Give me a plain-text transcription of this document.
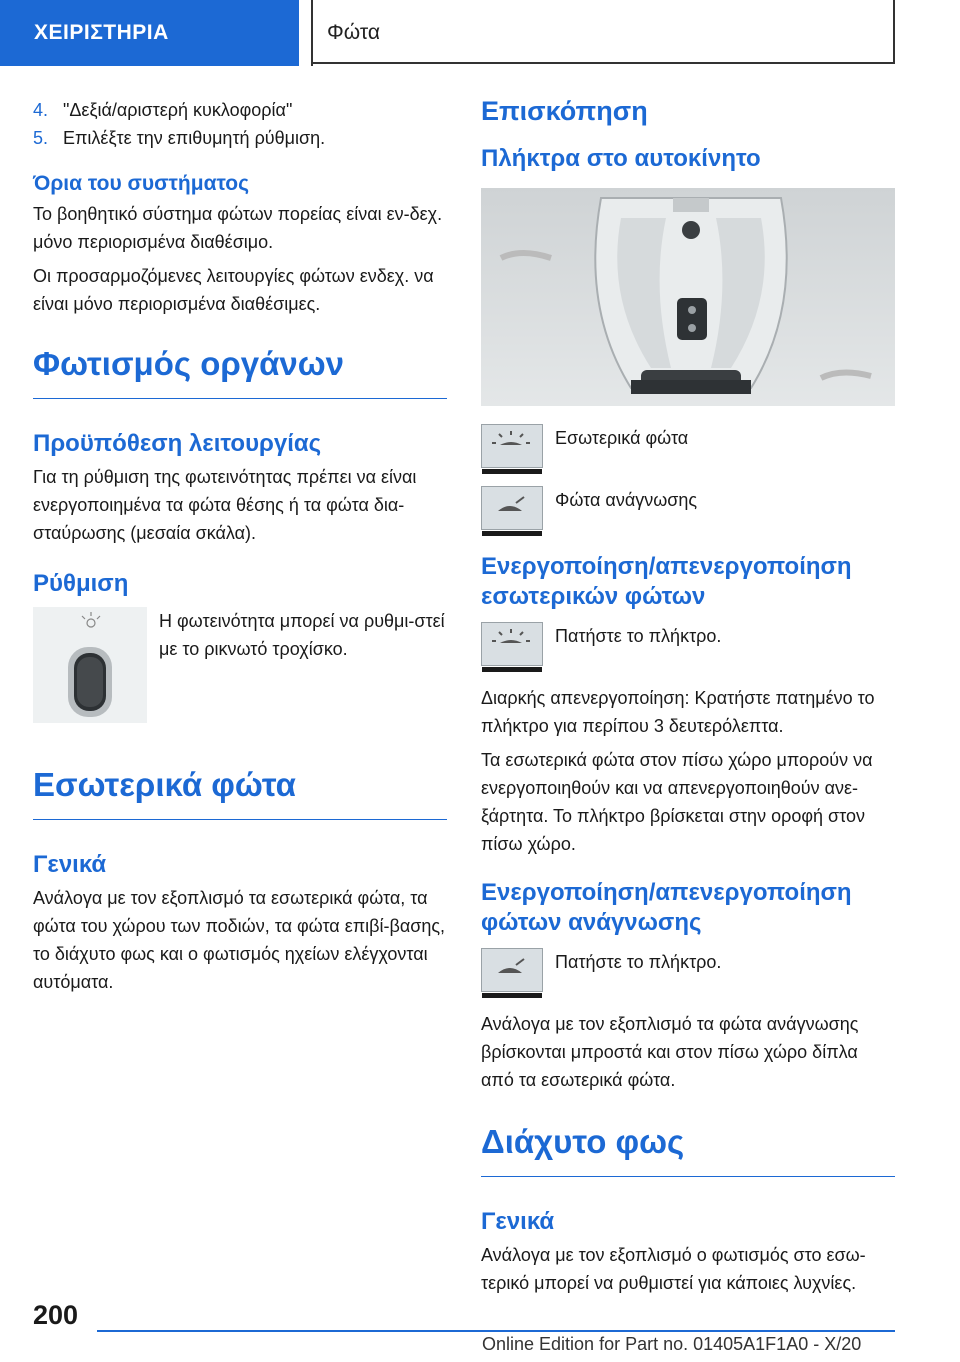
ΧΕΙΡΙΣΤΗΡΙΑ	Φώτα
4. "Δεξιά/αριστερή κυκλοφορία"
5. Επιλέξτε την επιθυμητή ρύθμιση.
Όρια του συστήματος

Το βοηθητικό σύστημα φώτων πορείας είναι εν‐δεχ. μόνο περιορισμένα διαθέσιμο.

Οι προσαρμοζόμενες λειτουργίες φώτων ενδεχ. να είναι μόνο περιορισμένα διαθέσιμες.

Φωτισμός οργάνων
Προϋπόθεση λειτουργίας

Για τη ρύθμιση της φωτεινότητας πρέπει να είναι ενεργοποιημένα τα φώτα θέσης ή τα φώτα δια‐σταύρωσης (μεσαία σκάλα).

Ρύθμιση

Η φωτεινότητα μπορεί να ρυθμι‐στεί με το ρικνωτό τροχίσκο.

Εσωτερικά φώτα
Γενικά

Ανάλογα με τον εξοπλισμό τα εσωτερικά φώτα, τα φώτα του χώρου των ποδιών, τα φώτα επιβί‐βασης, το διάχυτο φως και ο φωτισμός ηχείων ελέγχονται αυτόματα.

Επισκόπηση
Πλήκτρα στο αυτοκίνητο

Εσωτερικά φώτα

Φώτα ανάγνωσης

Ενεργοποίηση/απενεργοποίηση εσωτερικών φώτων

Πατήστε το πλήκτρο.

Διαρκής απενεργοποίηση: Κρατήστε πατημένο το πλήκτρο για περίπου 3 δευτερόλεπτα.

Τα εσωτερικά φώτα στον πίσω χώρο μπορούν να ενεργοποιηθούν και να απενεργοποιηθούν ανε‐ξάρτητα. Το πλήκτρο βρίσκεται στην οροφή στον πίσω χώρο.

Ενεργοποίηση/απενεργοποίηση φώτων ανάγνωσης

Πατήστε το πλήκτρο.

Ανάλογα με τον εξοπλισμό τα φώτα ανάγνωσης βρίσκονται μπροστά και στον πίσω χώρο δίπλα από τα εσωτερικά φώτα.

Διάχυτο φως
Γενικά

Ανάλογα με τον εξοπλισμό ο φωτισμός στο εσω‐τερικό μπορεί να ρυθμιστεί για κάποιες λυχνίες.

200
Online Edition for Part no. 01405A1F1A0 - X/20
